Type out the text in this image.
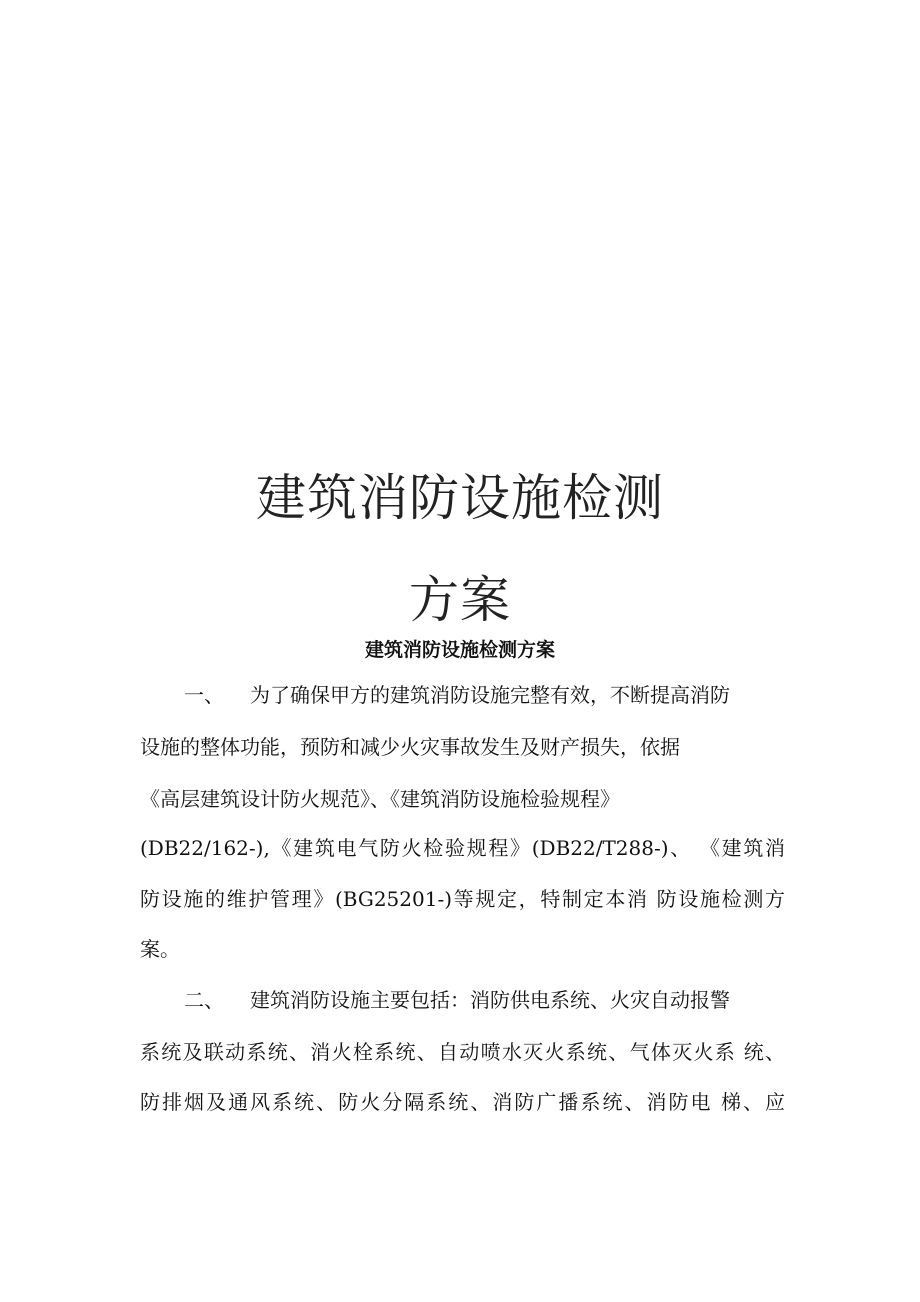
建筑消防设施检测
方案
建筑消防设施检测方案

一、 为了确保甲方的建筑消防设施完整有效，不断提高消防

设施的整体功能，预防和减少火灾事故发生及财产损失，依据

《高层建筑设计防火规范》、《建筑消防设施检验规程》

(DB22/162-),《建筑电气防火检验规程》(DB22/T288-)、 《建筑消

防设施的维护管理》(BG25201-)等规定，特制定本消 防设施检测方

案。

二、 建筑消防设施主要包括：消防供电系统、火灾自动报警

系统及联动系统、消火栓系统、自动喷水灭火系统、气体灭火系 统、

防排烟及通风系统、防火分隔系统、消防广播系统、消防电 梯、应
